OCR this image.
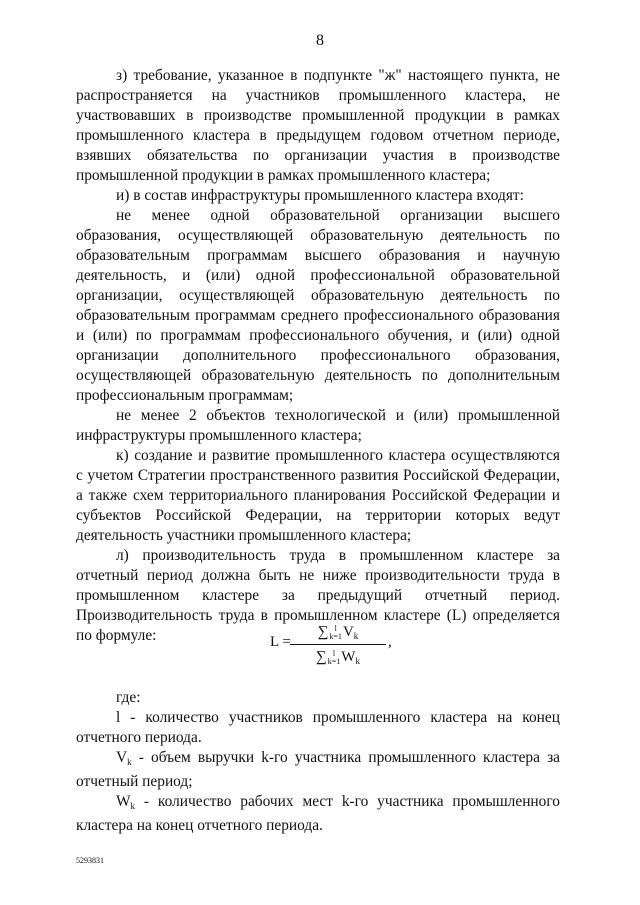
8

з) требование, указанное в подпункте "ж" настоящего пункта, не распространяется на участников промышленного кластера, не участвовавших в производстве промышленной продукции в рамках промышленного кластера в предыдущем годовом отчетном периоде, взявших обязательства по организации участия в производстве промышленной продукции в рамках промышленного кластера;

и) в состав инфраструктуры промышленного кластера входят:

не менее одной образовательной организации высшего образования, осуществляющей образовательную деятельность по образовательным программам высшего образования и научную деятельность, и (или) одной профессиональной образовательной организации, осуществляющей образовательную деятельность по образовательным программам среднего профессионального образования и (или) по программам профессионального обучения, и (или) одной организации дополнительного профессионального образования, осуществляющей образовательную деятельность по дополнительным профессиональным программам;

не менее 2 объектов технологической и (или) промышленной инфраструктуры промышленного кластера;

к) создание и развитие промышленного кластера осуществляются с учетом Стратегии пространственного развития Российской Федерации, а также схем территориального планирования Российской Федерации и субъектов Российской Федерации, на территории которых ведут деятельность участники промышленного кластера;

л) производительность труда в промышленном кластере за отчетный период должна быть не ниже производительности труда в промышленном кластере за предыдущий отчетный период. Производительность труда в промышленном кластере (L) определяется по формуле:	L = ∑ l
k=1 $V_k$
∑ l
k=1 $W_k$ ,

где:

l - количество участников промышленного кластера на конец отчетного периода.

$V_k$ - объем выручки k-го участника промышленного кластера за отчетный период;

$W_k$ - количество рабочих мест k-го участника промышленного кластера на конец отчетного периода.

5293831
